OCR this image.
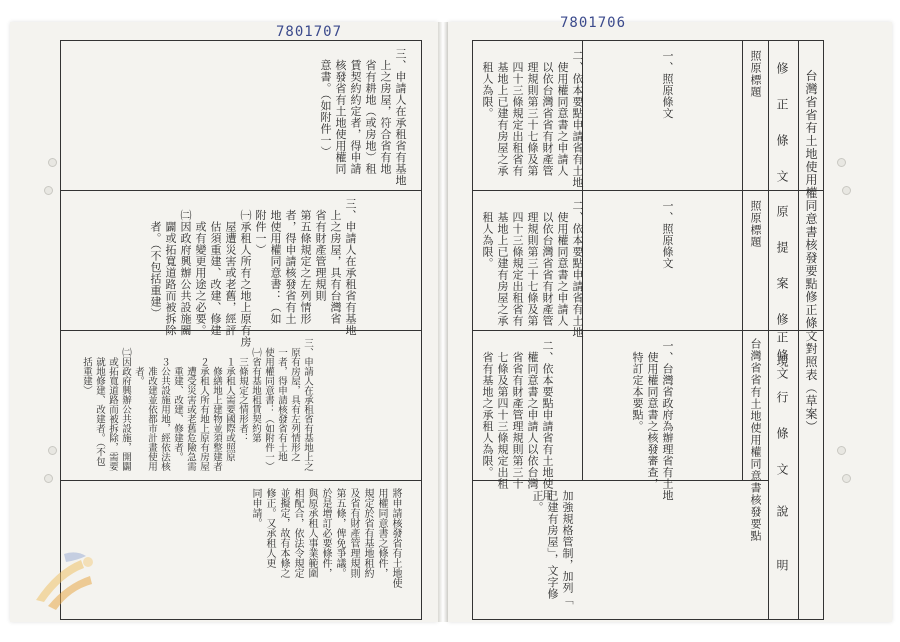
7801707
7801706

台灣省省有土地使用權同意書核發要點修正條文對照表（草案）

修　正　條　文
原　提　案　修正條文
現　行　條　文
說　　明
照原標題
照原標題
台灣省省有土地使用權同意書核發要點
一、照原條文
二、依本要點申請省有土地
　使用權同意書之申請人
　以依台灣省省有財產管
　理規則第三十七條及第
　四十三條規定出租省有
　基地上已建有房屋之承
　租人為限。
一、照原條文
二、依本要點申請省有土地
　使用權同意書之申請人
　以依台灣省省有財產管
　理規則第三十七條及第
　四十三條規定出租省有
　基地上已建有房屋之承
　租人為限。
一、台灣省政府為辦理省有土地
　使用權同意書之核發審查，
　特訂定本要點。
二、依本要點申請省有土地使用
　權同意書之申請人以依台灣
　省省有財產管理規則第三十
　七條及第四十三條規定出租
　省有基地之承租人為限。
加強規格管制，加列「
已建有房屋」，文字修
正。
三、申請人在承租省有基地
　上之房屋，符合省有地
　省有耕地（或房地）租
　賃契約約定者，得申請
　核發省有土地使用權同
　意書。（如附件一）
三、申請人在承租省有基地
　上之房屋，具有台灣省
　省有財產管理規則
　第五條規定之左列情形
　者，得申請核發省有土
　地使用權同意書：（如
　附件一）
　㈠承租人所有之地上原有房
　　屋遭災害或老舊，經評
　　估須重建、改建、修建
　　或有變更用途之必要。
　㈡因政府興辦公共設施關
　　闢或拓寬道路而被拆除
　　者。（不包括重建）
三、申請人在承租省有基地上之
　原有房屋，具有左列情形之
　一者，得申請核發省有土地
　使用權同意書：（如附件一）
　㈠省有基地租賃契約第
　　三條規定之情形者：
　　１承租人需要國際或照原
　　　修繕地上建物並須整建者
　　２承租人所有地上原有房屋
　　　遭受災害或老舊危險急需
　　　重建、改建、修建者。
　　３公共設施用地，經依法核
　　　准改建並依都市計畫使用
　　　者。
　㈡因政府興辦公共設施，開闢
　　或拓寬道路而被拆除，需要
　　就地修建、改建者。（不包
　　括重建）
將申請核發省有土地使
用權同意書之條件，
規定於省有基地租約
及省有財產管理規則
第五條，俾免爭議。
於是增訂必要條件，
與原承租人事業範圍
相配合，依法令規定
並擬定，故有本條之
修正。又承租人更
同申請。
